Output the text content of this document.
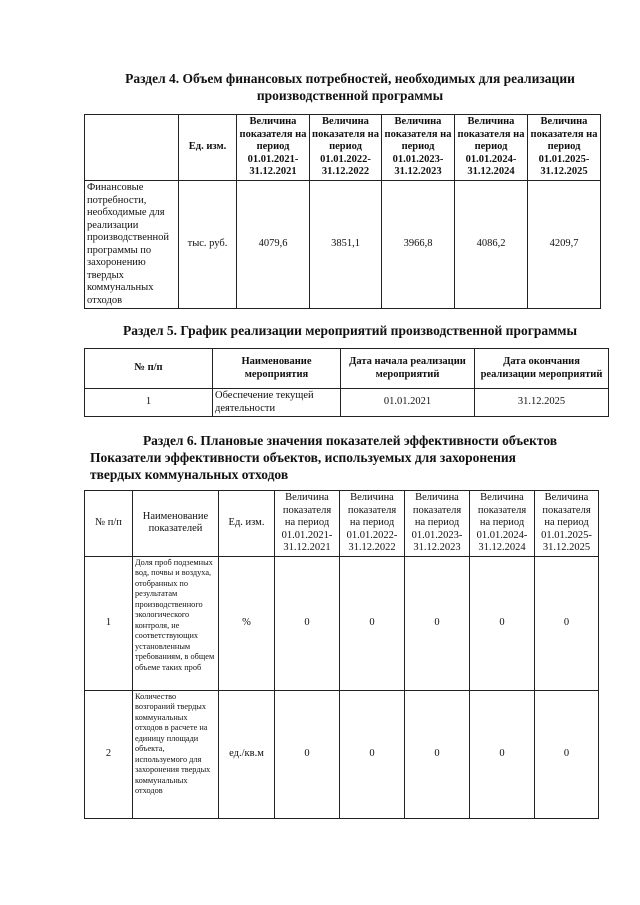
Раздел 4. Объем финансовых потребностей, необходимых для реализации производственной программы
	Ед. изм.	Величина показателя на период 01.01.2021-31.12.2021	Величина показателя на период 01.01.2022-31.12.2022	Величина показателя на период 01.01.2023-31.12.2023	Величина показателя на период 01.01.2024-31.12.2024	Величина показателя на период 01.01.2025-31.12.2025
Финансовые потребности, необходимые для реализации производственной программы по захоронению твердых коммунальных отходов	тыс. руб.	4079,6	3851,1	3966,8	4086,2	4209,7
Раздел 5. График реализации мероприятий производственной программы
№ п/п	Наименование мероприятия	Дата начала реализации мероприятий	Дата окончания реализации мероприятий
1	Обеспечение текущей деятельности	01.01.2021	31.12.2025
Раздел 6. Плановые значения показателей эффективности объектов
Показатели эффективности объектов, используемых для захоронения твердых коммунальных отходов
№ п/п	Наименование показателей	Ед. изм.	Величина показателя на период 01.01.2021-31.12.2021	Величина показателя на период 01.01.2022-31.12.2022	Величина показателя на период 01.01.2023-31.12.2023	Величина показателя на период 01.01.2024-31.12.2024	Величина показателя на период 01.01.2025-31.12.2025
1	Доля проб подземных вод, почвы и воздуха, отобранных по результатам производственного экологического контроля, не соответствующих установленным требованиям, в общем объеме таких проб	%	0	0	0	0	0
2	Количество возгораний твердых коммунальных отходов в расчете на единицу площади объекта, используемого для захоронения твердых коммунальных отходов	ед./кв.м	0	0	0	0	0
